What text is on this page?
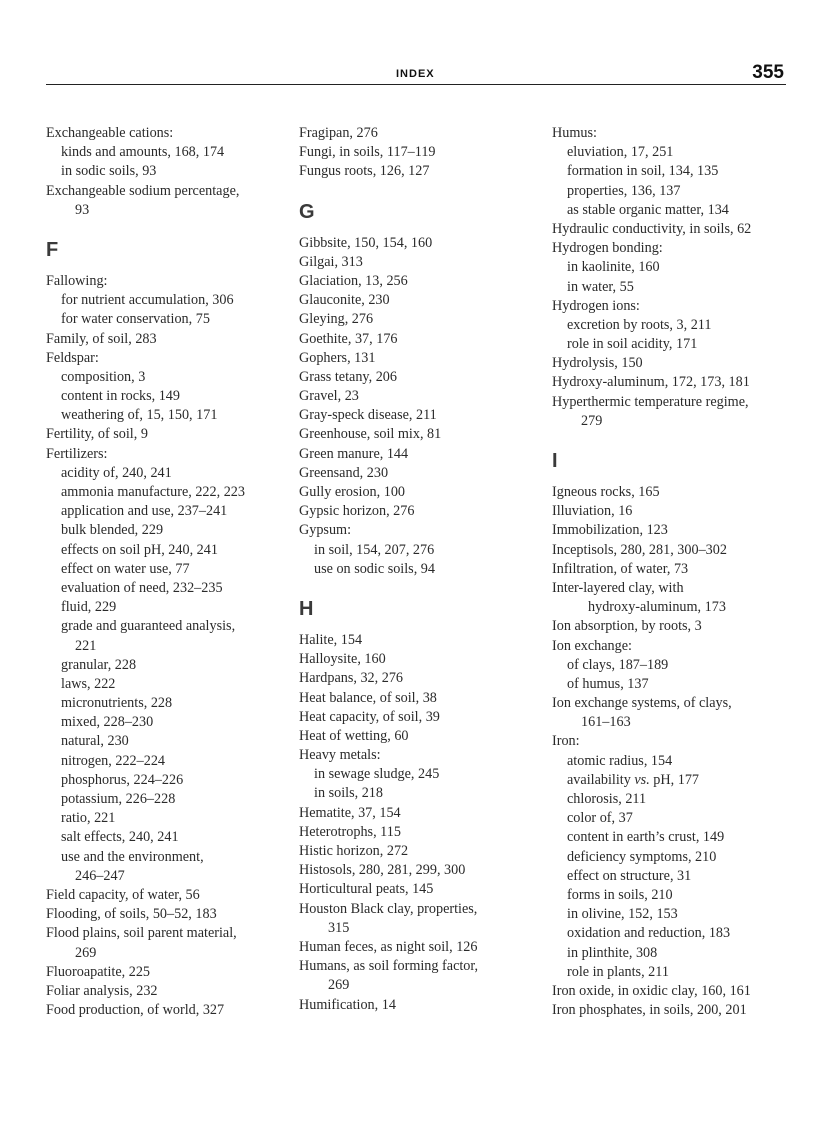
INDEX	355
Exchangeable cations:
kinds and amounts, 168, 174
in sodic soils, 93
Exchangeable sodium percentage,
93
F
Fallowing:
for nutrient accumulation, 306
for water conservation, 75
Family, of soil, 283
Feldspar:
composition, 3
content in rocks, 149
weathering of, 15, 150, 171
Fertility, of soil, 9
Fertilizers:
acidity of, 240, 241
ammonia manufacture, 222, 223
application and use, 237–241
bulk blended, 229
effects on soil pH, 240, 241
effect on water use, 77
evaluation of need, 232–235
fluid, 229
grade and guaranteed analysis,
221
granular, 228
laws, 222
micronutrients, 228
mixed, 228–230
natural, 230
nitrogen, 222–224
phosphorus, 224–226
potassium, 226–228
ratio, 221
salt effects, 240, 241
use and the environment,
246–247
Field capacity, of water, 56
Flooding, of soils, 50–52, 183
Flood plains, soil parent material,
269
Fluoroapatite, 225
Foliar analysis, 232
Food production, of world, 327
Fragipan, 276
Fungi, in soils, 117–119
Fungus roots, 126, 127
G
Gibbsite, 150, 154, 160
Gilgai, 313
Glaciation, 13, 256
Glauconite, 230
Gleying, 276
Goethite, 37, 176
Gophers, 131
Grass tetany, 206
Gravel, 23
Gray-speck disease, 211
Greenhouse, soil mix, 81
Green manure, 144
Greensand, 230
Gully erosion, 100
Gypsic horizon, 276
Gypsum:
in soil, 154, 207, 276
use on sodic soils, 94
H
Halite, 154
Halloysite, 160
Hardpans, 32, 276
Heat balance, of soil, 38
Heat capacity, of soil, 39
Heat of wetting, 60
Heavy metals:
in sewage sludge, 245
in soils, 218
Hematite, 37, 154
Heterotrophs, 115
Histic horizon, 272
Histosols, 280, 281, 299, 300
Horticultural peats, 145
Houston Black clay, properties,
315
Human feces, as night soil, 126
Humans, as soil forming factor,
269
Humification, 14
Humus:
eluviation, 17, 251
formation in soil, 134, 135
properties, 136, 137
as stable organic matter, 134
Hydraulic conductivity, in soils, 62
Hydrogen bonding:
in kaolinite, 160
in water, 55
Hydrogen ions:
excretion by roots, 3, 211
role in soil acidity, 171
Hydrolysis, 150
Hydroxy-aluminum, 172, 173, 181
Hyperthermic temperature regime,
279
I
Igneous rocks, 165
Illuviation, 16
Immobilization, 123
Inceptisols, 280, 281, 300–302
Infiltration, of water, 73
Inter-layered clay, with
hydroxy-aluminum, 173
Ion absorption, by roots, 3
Ion exchange:
of clays, 187–189
of humus, 137
Ion exchange systems, of clays,
161–163
Iron:
atomic radius, 154
availability vs. pH, 177
chlorosis, 211
color of, 37
content in earth’s crust, 149
deficiency symptoms, 210
effect on structure, 31
forms in soils, 210
in olivine, 152, 153
oxidation and reduction, 183
in plinthite, 308
role in plants, 211
Iron oxide, in oxidic clay, 160, 161
Iron phosphates, in soils, 200, 201
